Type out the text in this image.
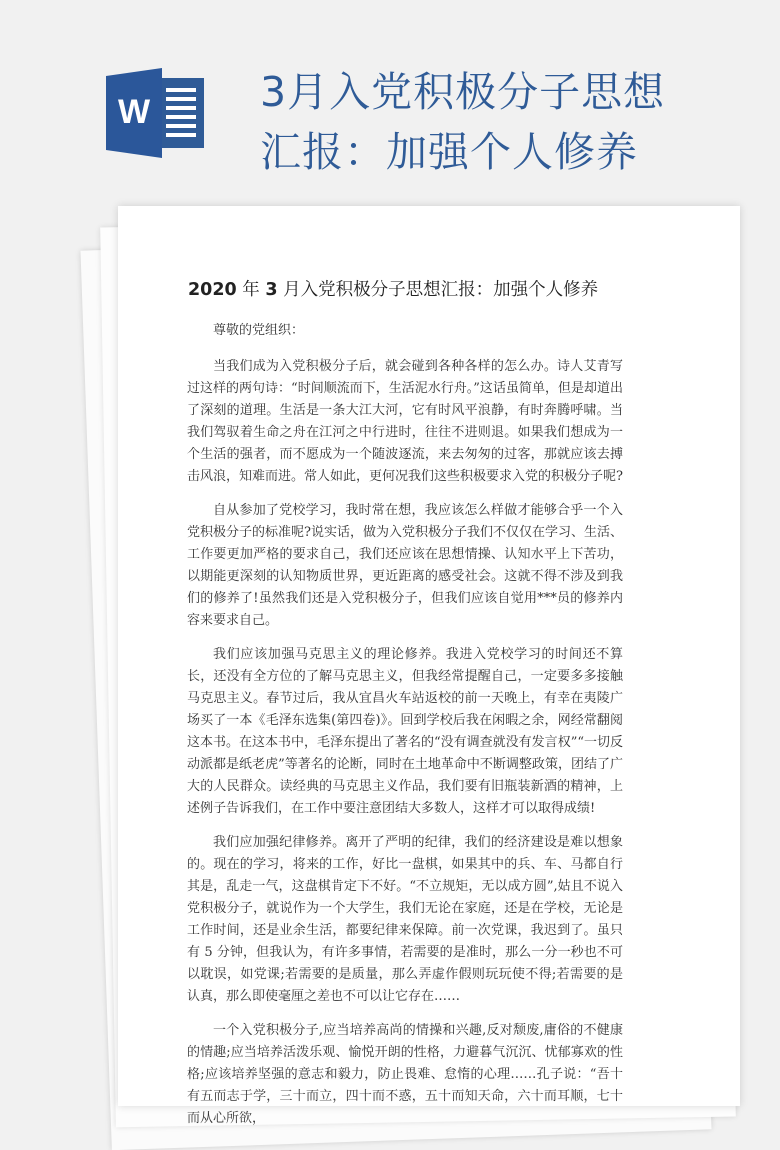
W	3月入党积极分子思想
汇报：加强个人修养
2020 年 3 月入党积极分子思想汇报：加强个人修养

尊敬的党组织：

当我们成为入党积极分子后，就会碰到各种各样的怎么办。诗人艾青写过这样的两句诗：“时间顺流而下，生活泥水行舟。”这话虽简单，但是却道出了深刻的道理。生活是一条大江大河，它有时风平浪静，有时奔腾呼啸。当我们驾驭着生命之舟在江河之中行进时，往往不进则退。如果我们想成为一个生活的强者，而不愿成为一个随波逐流，来去匆匆的过客，那就应该去搏击风浪，知难而进。常人如此，更何况我们这些积极要求入党的积极分子呢?

自从参加了党校学习，我时常在想，我应该怎么样做才能够合乎一个入党积极分子的标准呢?说实话，做为入党积极分子我们不仅仅在学习、生活、工作要更加严格的要求自己，我们还应该在思想情操、认知水平上下苦功，以期能更深刻的认知物质世界，更近距离的感受社会。这就不得不涉及到我们的修养了!虽然我们还是入党积极分子，但我们应该自觉用***员的修养内容来要求自己。

我们应该加强马克思主义的理论修养。我进入党校学习的时间还不算长，还没有全方位的了解马克思主义，但我经常提醒自己，一定要多多接触马克思主义。春节过后，我从宜昌火车站返校的前一天晚上，有幸在夷陵广场买了一本《毛泽东选集(第四卷)》。回到学校后我在闲暇之余，网经常翻阅这本书。在这本书中，毛泽东提出了著名的“没有调查就没有发言权”“一切反动派都是纸老虎”等著名的论断，同时在土地革命中不断调整政策，团结了广大的人民群众。读经典的马克思主义作品，我们要有旧瓶装新酒的精神，上述例子告诉我们，在工作中要注意团结大多数人，这样才可以取得成绩!

我们应加强纪律修养。离开了严明的纪律，我们的经济建设是难以想象的。现在的学习，将来的工作，好比一盘棋，如果其中的兵、车、马都自行其是，乱走一气，这盘棋肯定下不好。“不立规矩，无以成方圆”,姑且不说入党积极分子，就说作为一个大学生，我们无论在家庭，还是在学校，无论是工作时间，还是业余生活，都要纪律来保障。前一次党课，我迟到了。虽只有 5 分钟，但我认为，有许多事情，若需要的是准时，那么一分一秒也不可以耽误，如党课;若需要的是质量，那么弄虚作假则玩玩使不得;若需要的是认真，那么即使毫厘之差也不可以让它存在……

一个入党积极分子,应当培养高尚的情操和兴趣,反对颓废,庸俗的不健康的情趣;应当培养活泼乐观、愉悦开朗的性格，力避暮气沉沉、忧郁寡欢的性格;应该培养坚强的意志和毅力，防止畏难、怠惰的心理……孔子说：“吾十有五而志于学，三十而立，四十而不惑，五十而知天命，六十而耳顺，七十而从心所欲，
